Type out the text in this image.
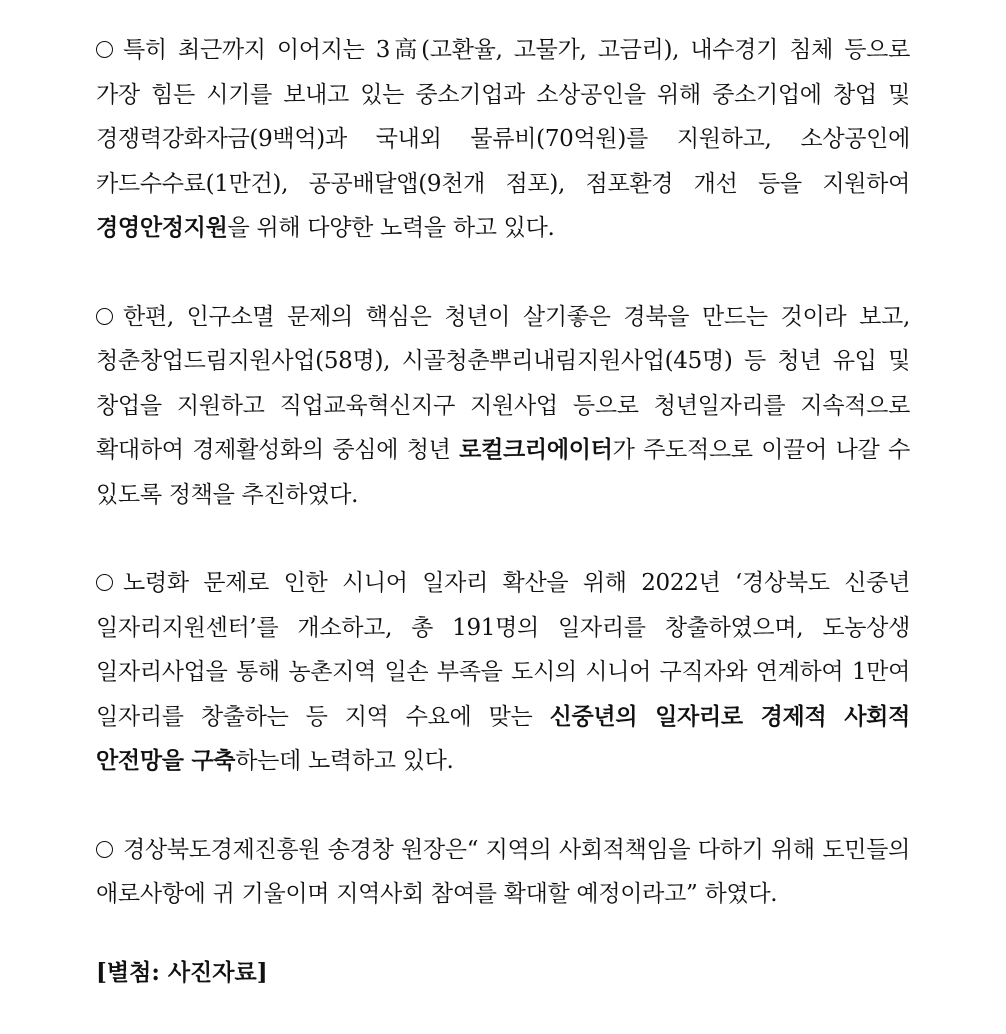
특히 최근까지 이어지는 3高(고환율, 고물가, 고금리), 내수경기 침체 등으로 가장 힘든 시기를 보내고 있는 중소기업과 소상공인을 위해 중소기업에 창업 및 경쟁력강화자금(9백억)과 국내외 물류비(70억원)를 지원하고, 소상공인에 카드수수료(1만건), 공공배달앱(9천개 점포), 점포환경 개선 등을 지원하여 경영안정지원을 위해 다양한 노력을 하고 있다.

한편, 인구소멸 문제의 핵심은 청년이 살기좋은 경북을 만드는 것이라 보고, 청춘창업드림지원사업(58명), 시골청춘뿌리내림지원사업(45명) 등 청년 유입 및 창업을 지원하고 직업교육혁신지구 지원사업 등으로 청년일자리를 지속적으로 확대하여 경제활성화의 중심에 청년 로컬크리에이터가 주도적으로 이끌어 나갈 수 있도록 정책을 추진하였다.

노령화 문제로 인한 시니어 일자리 확산을 위해 2022년 ‘경상북도 신중년 일자리지원센터’를 개소하고, 총 191명의 일자리를 창출하였으며, 도농상생 일자리사업을 통해 농촌지역 일손 부족을 도시의 시니어 구직자와 연계하여 1만여 일자리를 창출하는 등 지역 수요에 맞는 신중년의 일자리로 경제적 사회적 안전망을 구축하는데 노력하고 있다.

경상북도경제진흥원 송경창 원장은“ 지역의 사회적책임을 다하기 위해 도민들의 애로사항에 귀 기울이며 지역사회 참여를 확대할 예정이라고” 하였다.

[별첨: 사진자료]
